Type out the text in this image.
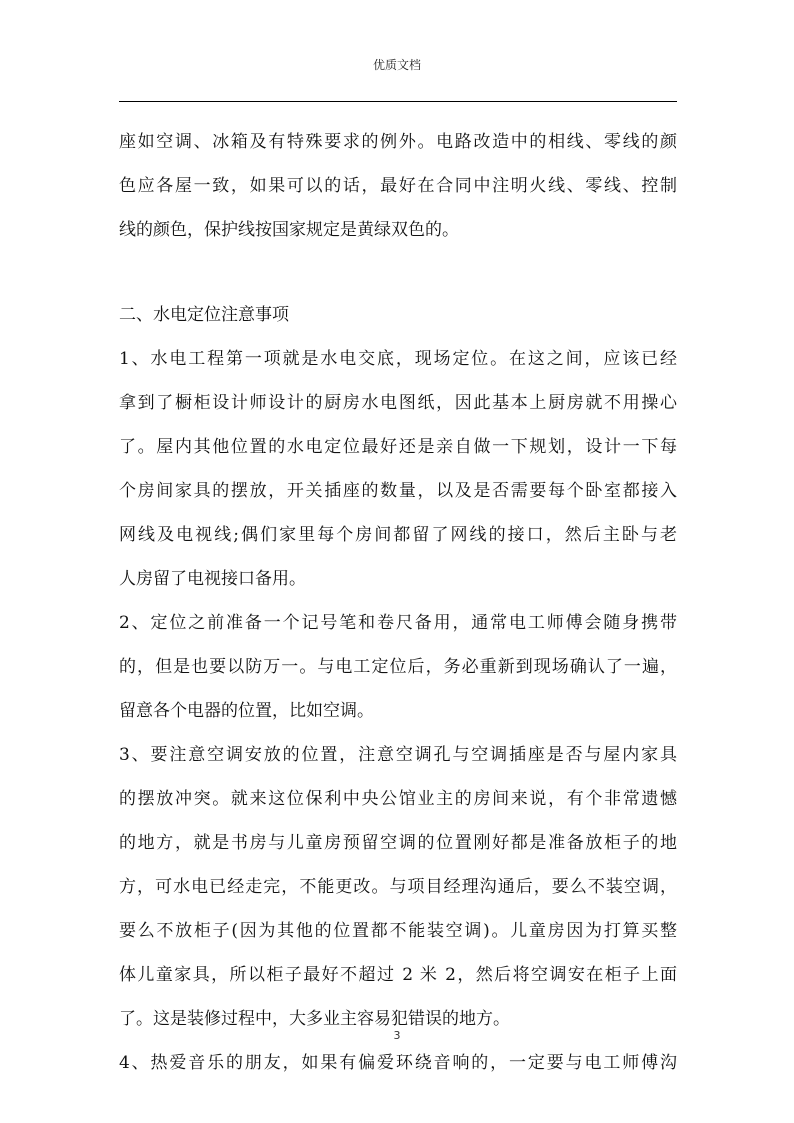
优质文档
座如空调、冰箱及有特殊要求的例外。电路改造中的相线、零线的颜
色应各屋一致，如果可以的话，最好在合同中注明火线、零线、控制
线的颜色，保护线按国家规定是黄绿双色的。
二、水电定位注意事项
1、水电工程第一项就是水电交底，现场定位。在这之间，应该已经
拿到了橱柜设计师设计的厨房水电图纸，因此基本上厨房就不用操心
了。屋内其他位置的水电定位最好还是亲自做一下规划，设计一下每
个房间家具的摆放，开关插座的数量，以及是否需要每个卧室都接入
网线及电视线;偶们家里每个房间都留了网线的接口，然后主卧与老
人房留了电视接口备用。
2、定位之前准备一个记号笔和卷尺备用，通常电工师傅会随身携带
的，但是也要以防万一。与电工定位后，务必重新到现场确认了一遍，
留意各个电器的位置，比如空调。
3、要注意空调安放的位置，注意空调孔与空调插座是否与屋内家具
的摆放冲突。就来这位保利中央公馆业主的房间来说，有个非常遗憾
的地方，就是书房与儿童房预留空调的位置刚好都是准备放柜子的地
方，可水电已经走完，不能更改。与项目经理沟通后，要么不装空调，
要么不放柜子(因为其他的位置都不能装空调)。儿童房因为打算买整
体儿童家具，所以柜子最好不超过 2 米 2，然后将空调安在柜子上面
了。这是装修过程中，大多业主容易犯错误的地方。
4、热爱音乐的朋友，如果有偏爱环绕音响的，一定要与电工师傅沟
3
